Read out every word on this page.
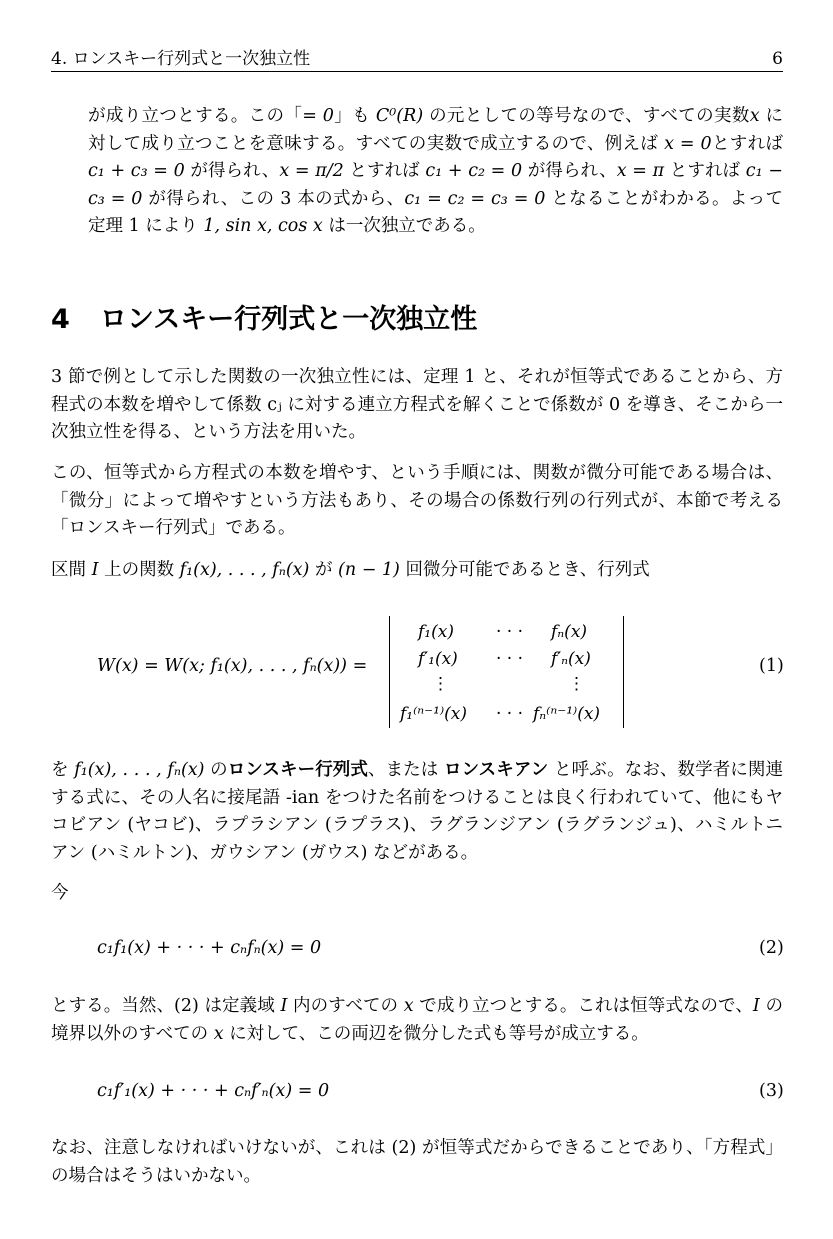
4. ロンスキー行列式と一次独立性	6

が成り立つとする。この「= 0」も C⁰(R) の元としての等号なので、すべての実数x に対して成り立つことを意味する。すべての実数で成立するので、例えば x = 0とすれば c₁ + c₃ = 0 が得られ、x = π/2 とすれば c₁ + c₂ = 0 が得られ、x = π とすれば c₁ − c₃ = 0 が得られ、この 3 本の式から、c₁ = c₂ = c₃ = 0 となることがわかる。よって定理 1 により 1, sin x, cos x は一次独立である。

4 ロンスキー行列式と一次独立性

3 節で例として示した関数の一次独立性には、定理 1 と、それが恒等式であることから、方程式の本数を増やして係数 cⱼ に対する連立方程式を解くことで係数が 0 を導き、そこから一次独立性を得る、という方法を用いた。

この、恒等式から方程式の本数を増やす、という手順には、関数が微分可能である場合は、「微分」によって増やすという方法もあり、その場合の係数行列の行列式が、本節で考える「ロンスキー行列式」である。

区間 I 上の関数 f₁(x), . . . , fₙ(x) が (n − 1) 回微分可能であるとき、行列式

W(x) = W(x; f₁(x), . . . , fₙ(x)) =
f₁(x) · · · fₙ(x)
f′₁(x) · · · f′ₙ(x)
⋮	⋮
f₁⁽ⁿ⁻¹⁾(x) · · · fₙ⁽ⁿ⁻¹⁾(x)
(1)

を f₁(x), . . . , fₙ(x) のロンスキー行列式、または ロンスキアン と呼ぶ。なお、数学者に関連する式に、その人名に接尾語 -ian をつけた名前をつけることは良く行われていて、他にもヤコビアン (ヤコビ)、ラプラシアン (ラプラス)、ラグランジアン (ラグランジュ)、ハミルトニアン (ハミルトン)、ガウシアン (ガウス) などがある。

今

c₁f₁(x) + · · · + cₙfₙ(x) = 0	(2)

とする。当然、(2) は定義域 I 内のすべての x で成り立つとする。これは恒等式なので、I の境界以外のすべての x に対して、この両辺を微分した式も等号が成立する。

c₁f′₁(x) + · · · + cₙf′ₙ(x) = 0	(3)

なお、注意しなければいけないが、これは (2) が恒等式だからできることであり、「方程式」の場合はそうはいかない。
